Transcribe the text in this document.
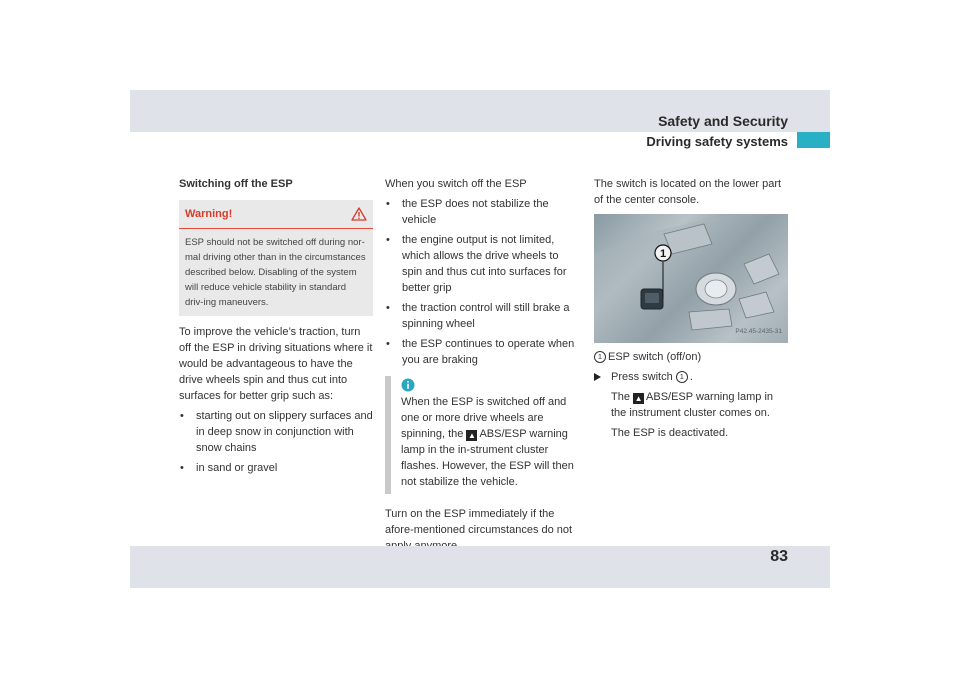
Safety and Security
Driving safety systems

Switching off the ESP

Warning!
ESP should not be switched off during nor-mal driving other than in the circumstances described below. Disabling of the system will reduce vehicle stability in standard driv-ing maneuvers.

To improve the vehicle’s traction, turn off the ESP in driving situations where it would be advantageous to have the drive wheels spin and thus cut into surfaces for better grip such as:

• starting out on slippery surfaces and in deep snow in conjunction with snow chains
• in sand or gravel

When you switch off the ESP

• the ESP does not stabilize the vehicle
• the engine output is not limited, which allows the drive wheels to spin and thus cut into surfaces for better grip
• the traction control will still brake a spinning wheel
• the ESP continues to operate when you are braking

When the ESP is switched off and one or more drive wheels are spinning, the ▲ ABS/ESP warning lamp in the in-strument cluster flashes. However, the ESP will then not stabilize the vehicle.

Turn on the ESP immediately if the afore-mentioned circumstances do not

The switch is located on the lower part of the center console.

1
P42.45-2435-31

1 ESP switch (off/on)

Press switch 1 .

The ▲ ABS/ESP warning lamp in the instrument cluster comes on.

The ESP is deactivated.

83
